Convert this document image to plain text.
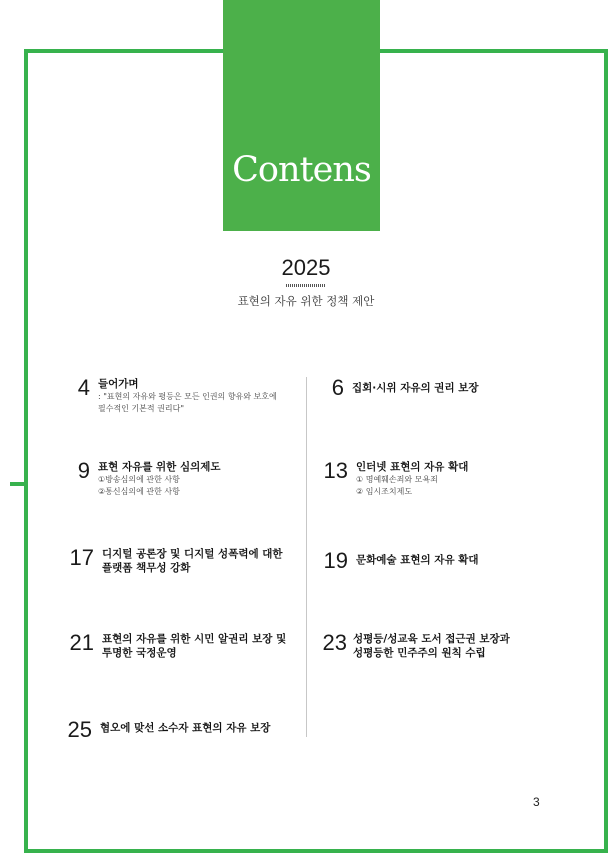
Contens
2025
표현의 자유 위한 정책 제안
4 들어가며
: "표현의 자유와 평등은 모든 인권의 향유와 보호에
필수적인 기본적 권리다"
9 표현 자유를 위한 심의제도
①방송심의에 관한 사항
②통신심의에 관한 사항
17 디지털 공론장 및 디지털 성폭력에 대한
플랫폼 책무성 강화
21 표현의 자유를 위한 시민 알권리 보장 및
투명한 국정운영
25 혐오에 맞선 소수자 표현의 자유 보장
6 집회·시위 자유의 권리 보장
13 인터넷 표현의 자유 확대
① 명예훼손죄와 모욕죄
② 임시조치제도
19 문화예술 표현의 자유 확대
23 성평등/성교육 도서 접근권 보장과
성평등한 민주주의 원칙 수립
3
